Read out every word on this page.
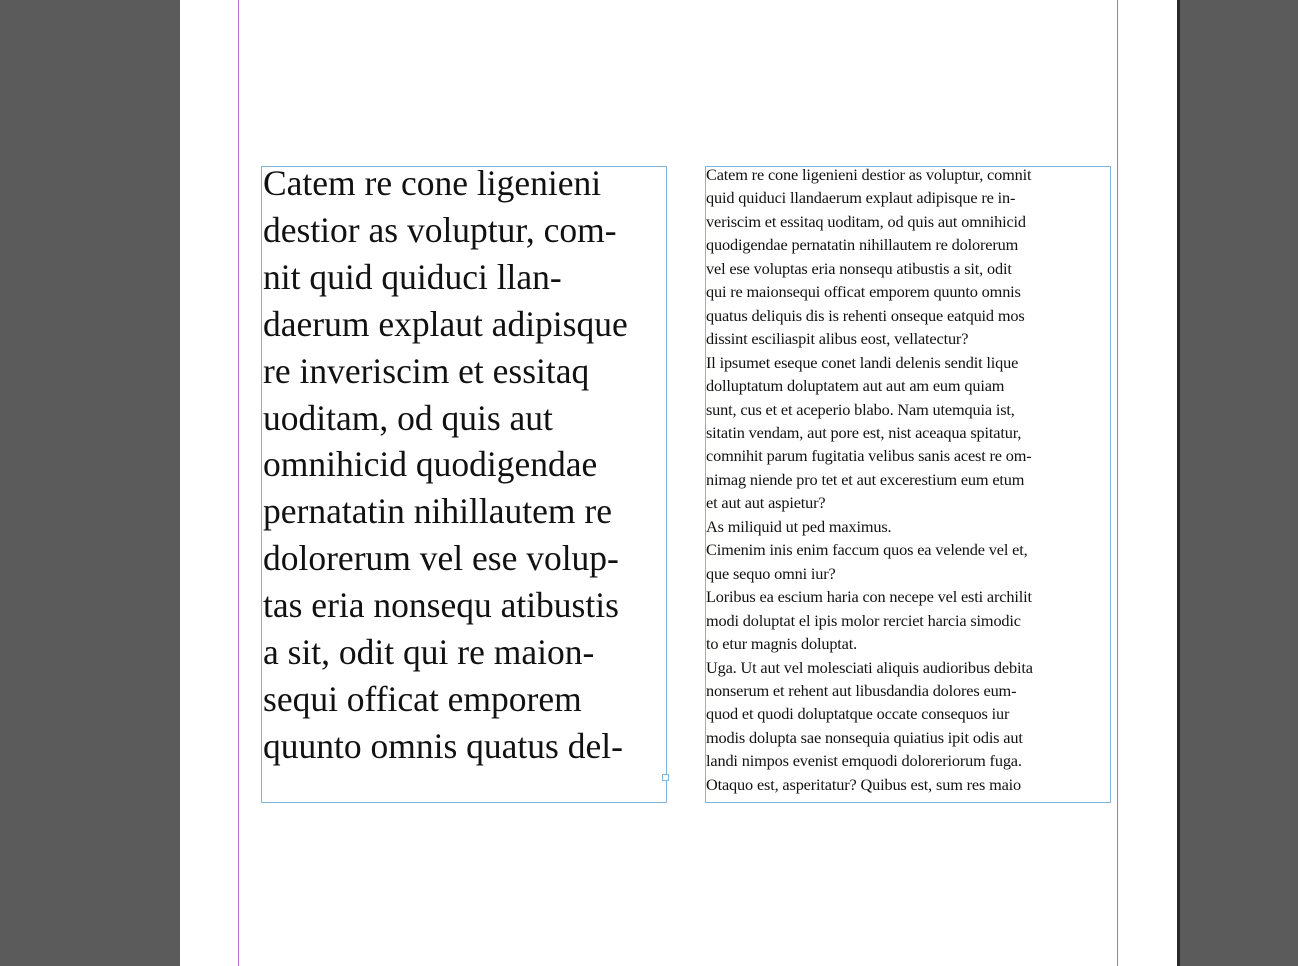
Catem re cone ligenieni
destior as voluptur, com-
nit quid quiduci llan-
daerum explaut adipisque
re inveriscim et essitaq
uoditam, od quis aut
omnihicid quodigendae
pernatatin nihillautem re
dolorerum vel ese volup-
tas eria nonsequ atibustis
a sit, odit qui re maion-
sequi officat emporem
quunto omnis quatus del-
Catem re cone ligenieni destior as voluptur, comnit
quid quiduci llandaerum explaut adipisque re in-
veriscim et essitaq uoditam, od quis aut omnihicid
quodigendae pernatatin nihillautem re dolorerum
vel ese voluptas eria nonsequ atibustis a sit, odit
qui re maionsequi officat emporem quunto omnis
quatus deliquis dis is rehenti onseque eatquid mos
dissint esciliaspit alibus eost, vellatectur?
Il ipsumet eseque conet landi delenis sendit lique
dolluptatum doluptatem aut aut am eum quiam
sunt, cus et et aceperio blabo. Nam utemquia ist,
sitatin vendam, aut pore est, nist aceaqua spitatur,
comnihit parum fugitatia velibus sanis acest re om-
nimag niende pro tet et aut excerestium eum etum
et aut aut aspietur?
As miliquid ut ped maximus.
Cimenim inis enim faccum quos ea velende vel et,
que sequo omni iur?
Loribus ea escium haria con necepe vel esti archilit
modi doluptat el ipis molor rerciet harcia simodic
to etur magnis doluptat.
Uga. Ut aut vel molesciati aliquis audioribus debita
nonserum et rehent aut libusdandia dolores eum-
quod et quodi doluptatque occate consequos iur
modis dolupta sae nonsequia quiatius ipit odis aut
landi nimpos evenist emquodi doloreriorum fuga.
Otaquo est, asperitatur? Quibus est, sum res maio
